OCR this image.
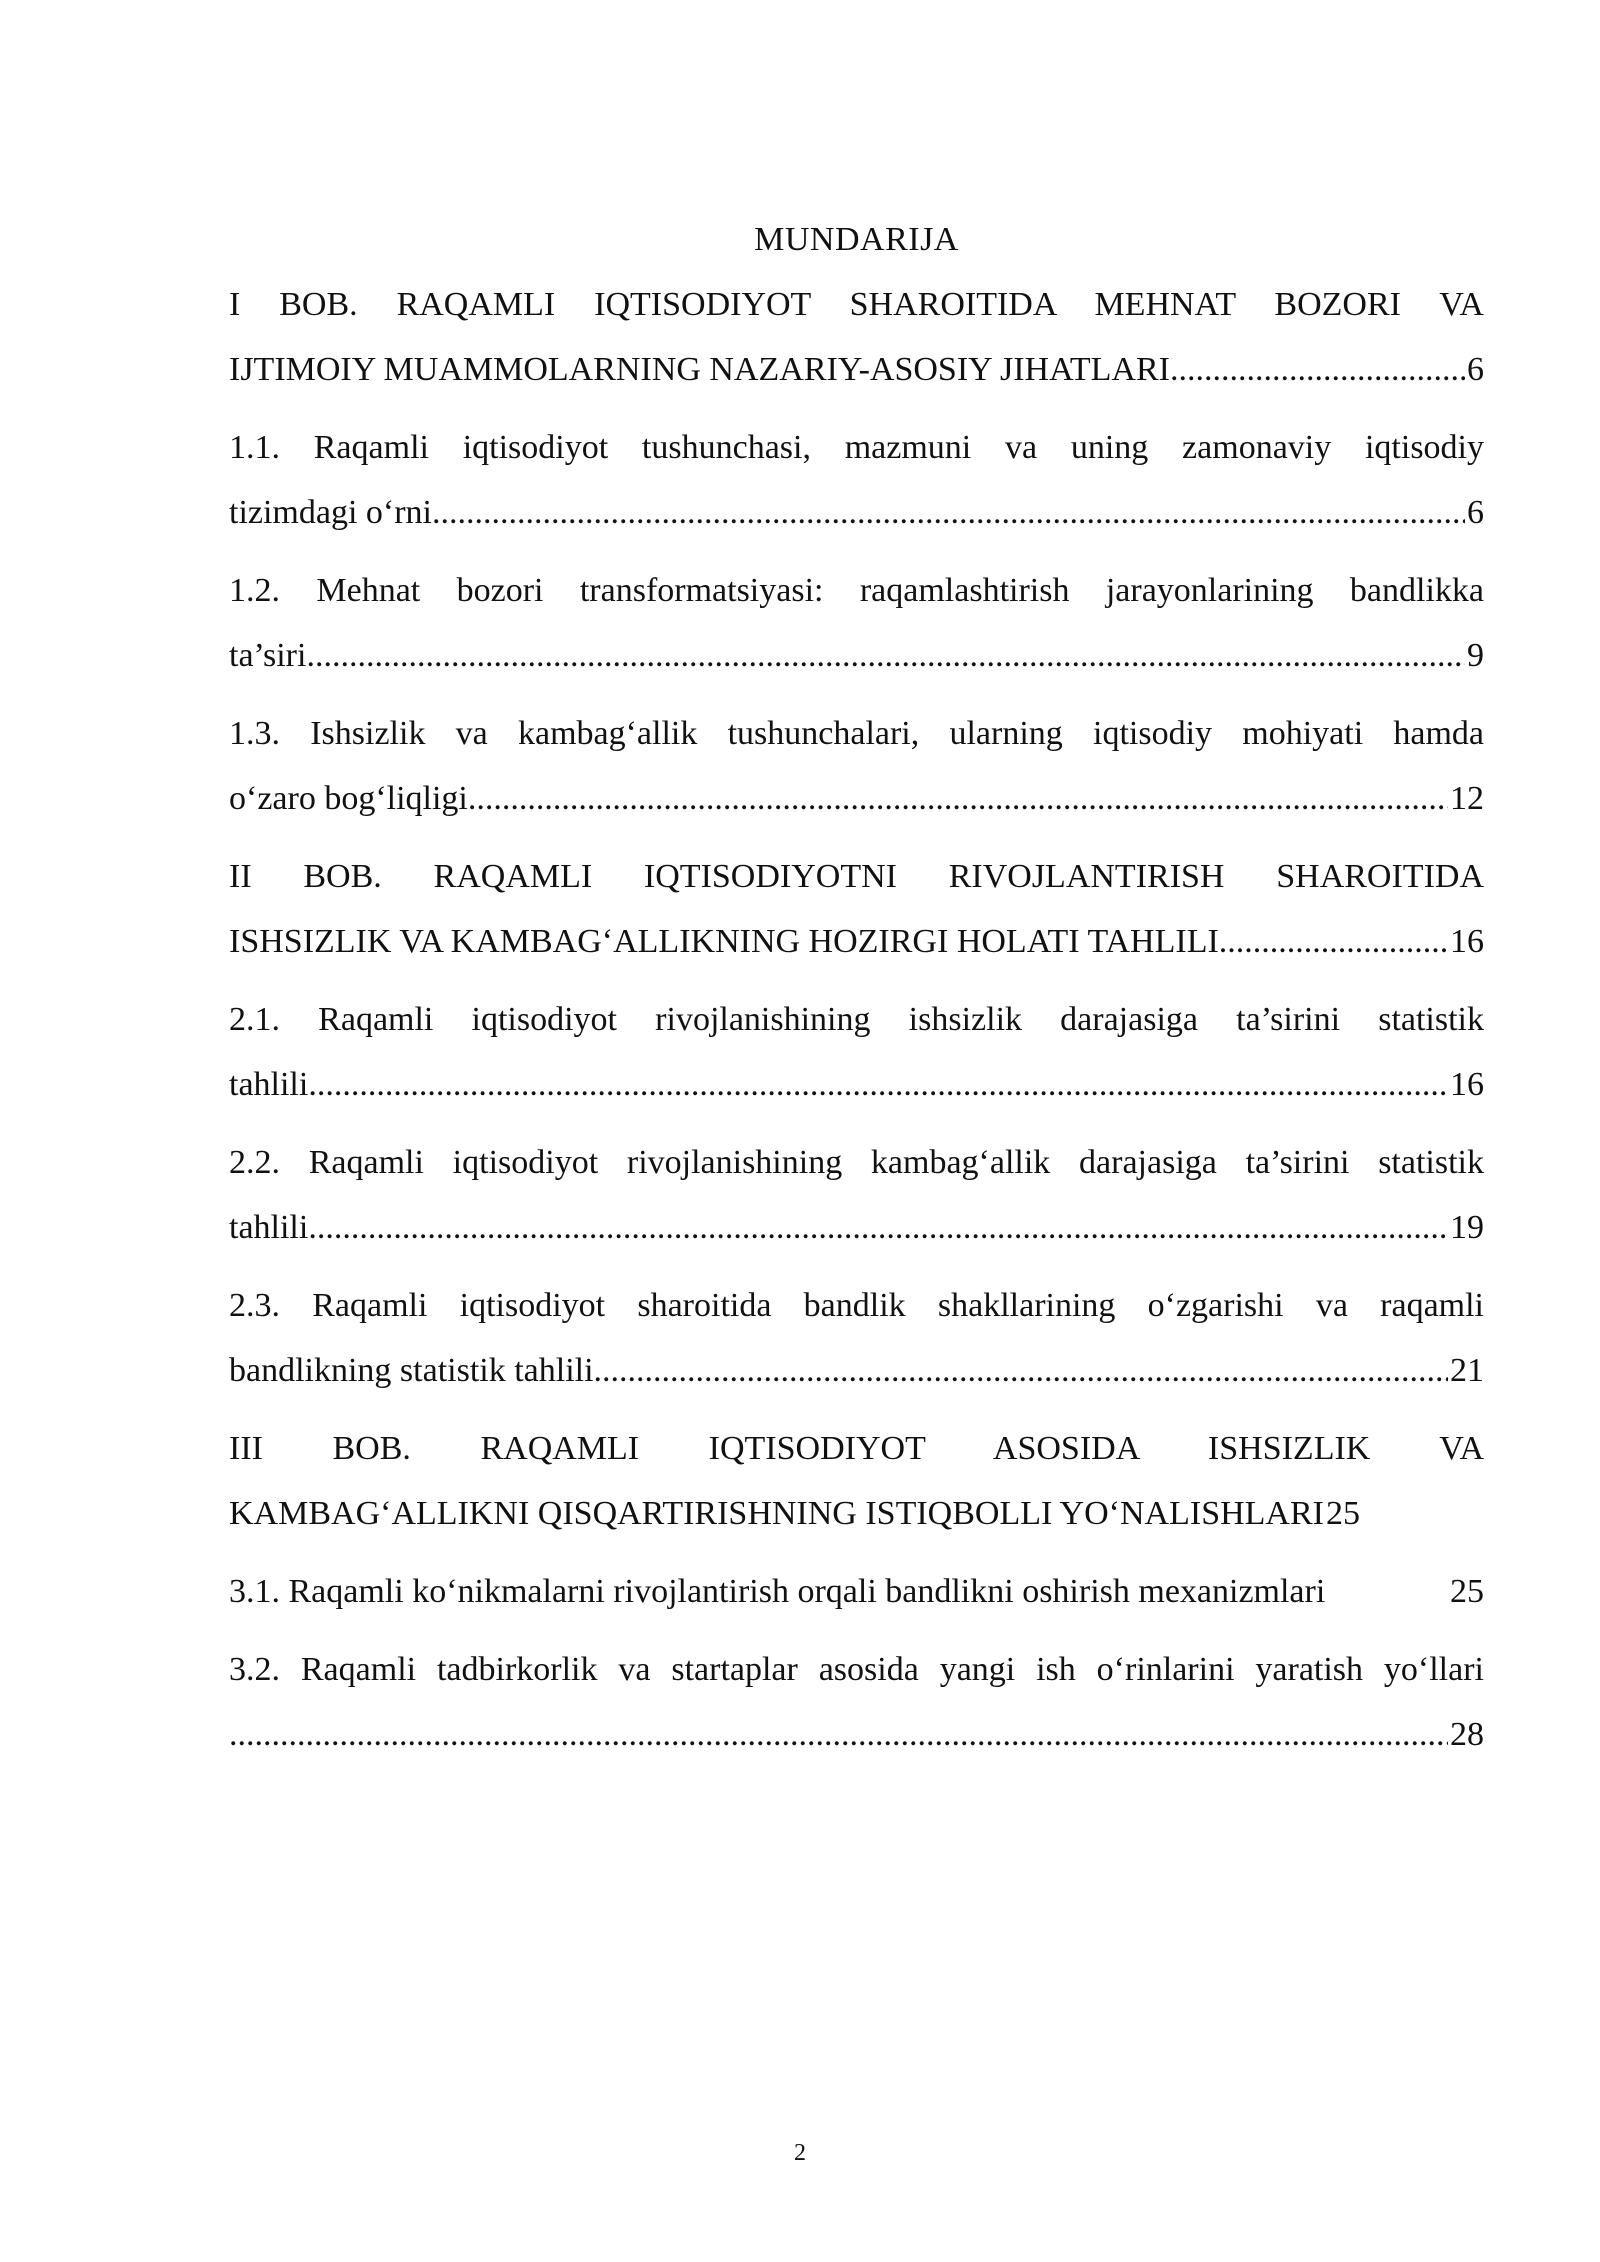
MUNDARIJA
I BOB. RAQAMLI IQTISODIYOT SHAROITIDA MEHNAT BOZORI VA
IJTIMOIY MUAMMOLARNING NAZARIY-ASOSIY JIHATLARI .....	6
1.1. Raqamli iqtisodiyot tushunchasi, mazmuni va uning zamonaviy iqtisodiy
tizimdagi o‘rni .....	6
1.2. Mehnat bozori transformatsiyasi: raqamlashtirish jarayonlarining bandlikka
ta’siri .....	9
1.3. Ishsizlik va kambag‘allik tushunchalari, ularning iqtisodiy mohiyati hamda
o‘zaro bog‘liqligi .....	12
II BOB. RAQAMLI IQTISODIYOTNI RIVOJLANTIRISH SHAROITIDA
ISHSIZLIK VA KAMBAG‘ALLIKNING HOZIRGI HOLATI TAHLILI .....	16
2.1. Raqamli iqtisodiyot rivojlanishining ishsizlik darajasiga ta’sirini statistik
tahlili .....	16
2.2. Raqamli iqtisodiyot rivojlanishining kambag‘allik darajasiga ta’sirini statistik
tahlili .....	19
2.3. Raqamli iqtisodiyot sharoitida bandlik shakllarining o‘zgarishi va raqamli
bandlikning statistik tahlili .....	21
III BOB. RAQAMLI IQTISODIYOT ASOSIDA ISHSIZLIK VA
KAMBAG‘ALLIKNI QISQARTIRISHNING ISTIQBOLLI YO‘NALISHLARI 25
3.1. Raqamli ko‘nikmalarni rivojlantirish orqali bandlikni oshirish mexanizmlari	25
3.2. Raqamli tadbirkorlik va startaplar asosida yangi ish o‘rinlarini yaratish yo‘llari
.....
28
2
